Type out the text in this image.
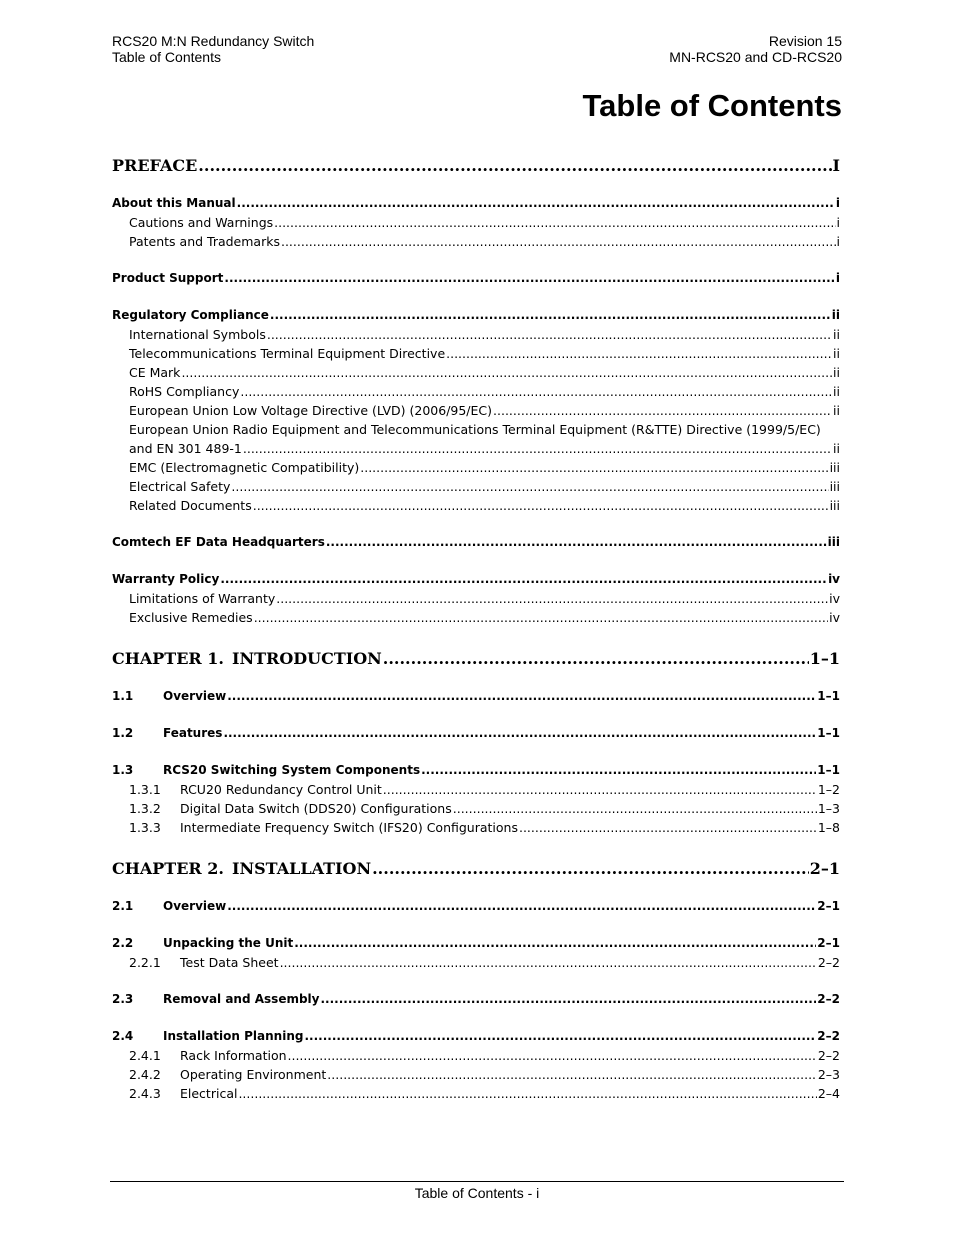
RCS20 M:N Redundancy Switch
Table of Contents
Revision 15
MN-RCS20 and CD-RCS20
Table of Contents
PREFACE .....	I
About this Manual .....	i
Cautions and Warnings .....	i
Patents and Trademarks .....	i
Product Support .....	i
Regulatory Compliance .....	ii
International Symbols .....	ii
Telecommunications Terminal Equipment Directive .....	ii
CE Mark .....	ii
RoHS Compliancy .....	ii
European Union Low Voltage Directive (LVD) (2006/95/EC) .....	ii
European Union Radio Equipment and Telecommunications Terminal Equipment (R&TTE) Directive (1999/5/EC)
and EN 301 489-1 .....	ii
EMC (Electromagnetic Compatibility) .....	iii
Electrical Safety .....	iii
Related Documents .....	iii
Comtech EF Data Headquarters .....	iii
Warranty Policy .....	iv
Limitations of Warranty .....	iv
Exclusive Remedies .....	iv
CHAPTER 1. INTRODUCTION .....	1–1
1.1	Overview .....	1–1
1.2	Features .....	1–1
1.3	RCS20 Switching System Components .....	1–1
1.3.1	RCU20 Redundancy Control Unit .....	1–2
1.3.2	Digital Data Switch (DDS20) Configurations .....	1–3
1.3.3	Intermediate Frequency Switch (IFS20) Configurations .....	1–8
CHAPTER 2. INSTALLATION .....	2–1
2.1	Overview .....	2–1
2.2	Unpacking the Unit .....	2–1
2.2.1	Test Data Sheet .....	2–2
2.3	Removal and Assembly .....	2–2
2.4	Installation Planning .....	2–2
2.4.1	Rack Information .....	2–2
2.4.2	Operating Environment .....	2–3
2.4.3	Electrical .....	2–4
Table of Contents - i
